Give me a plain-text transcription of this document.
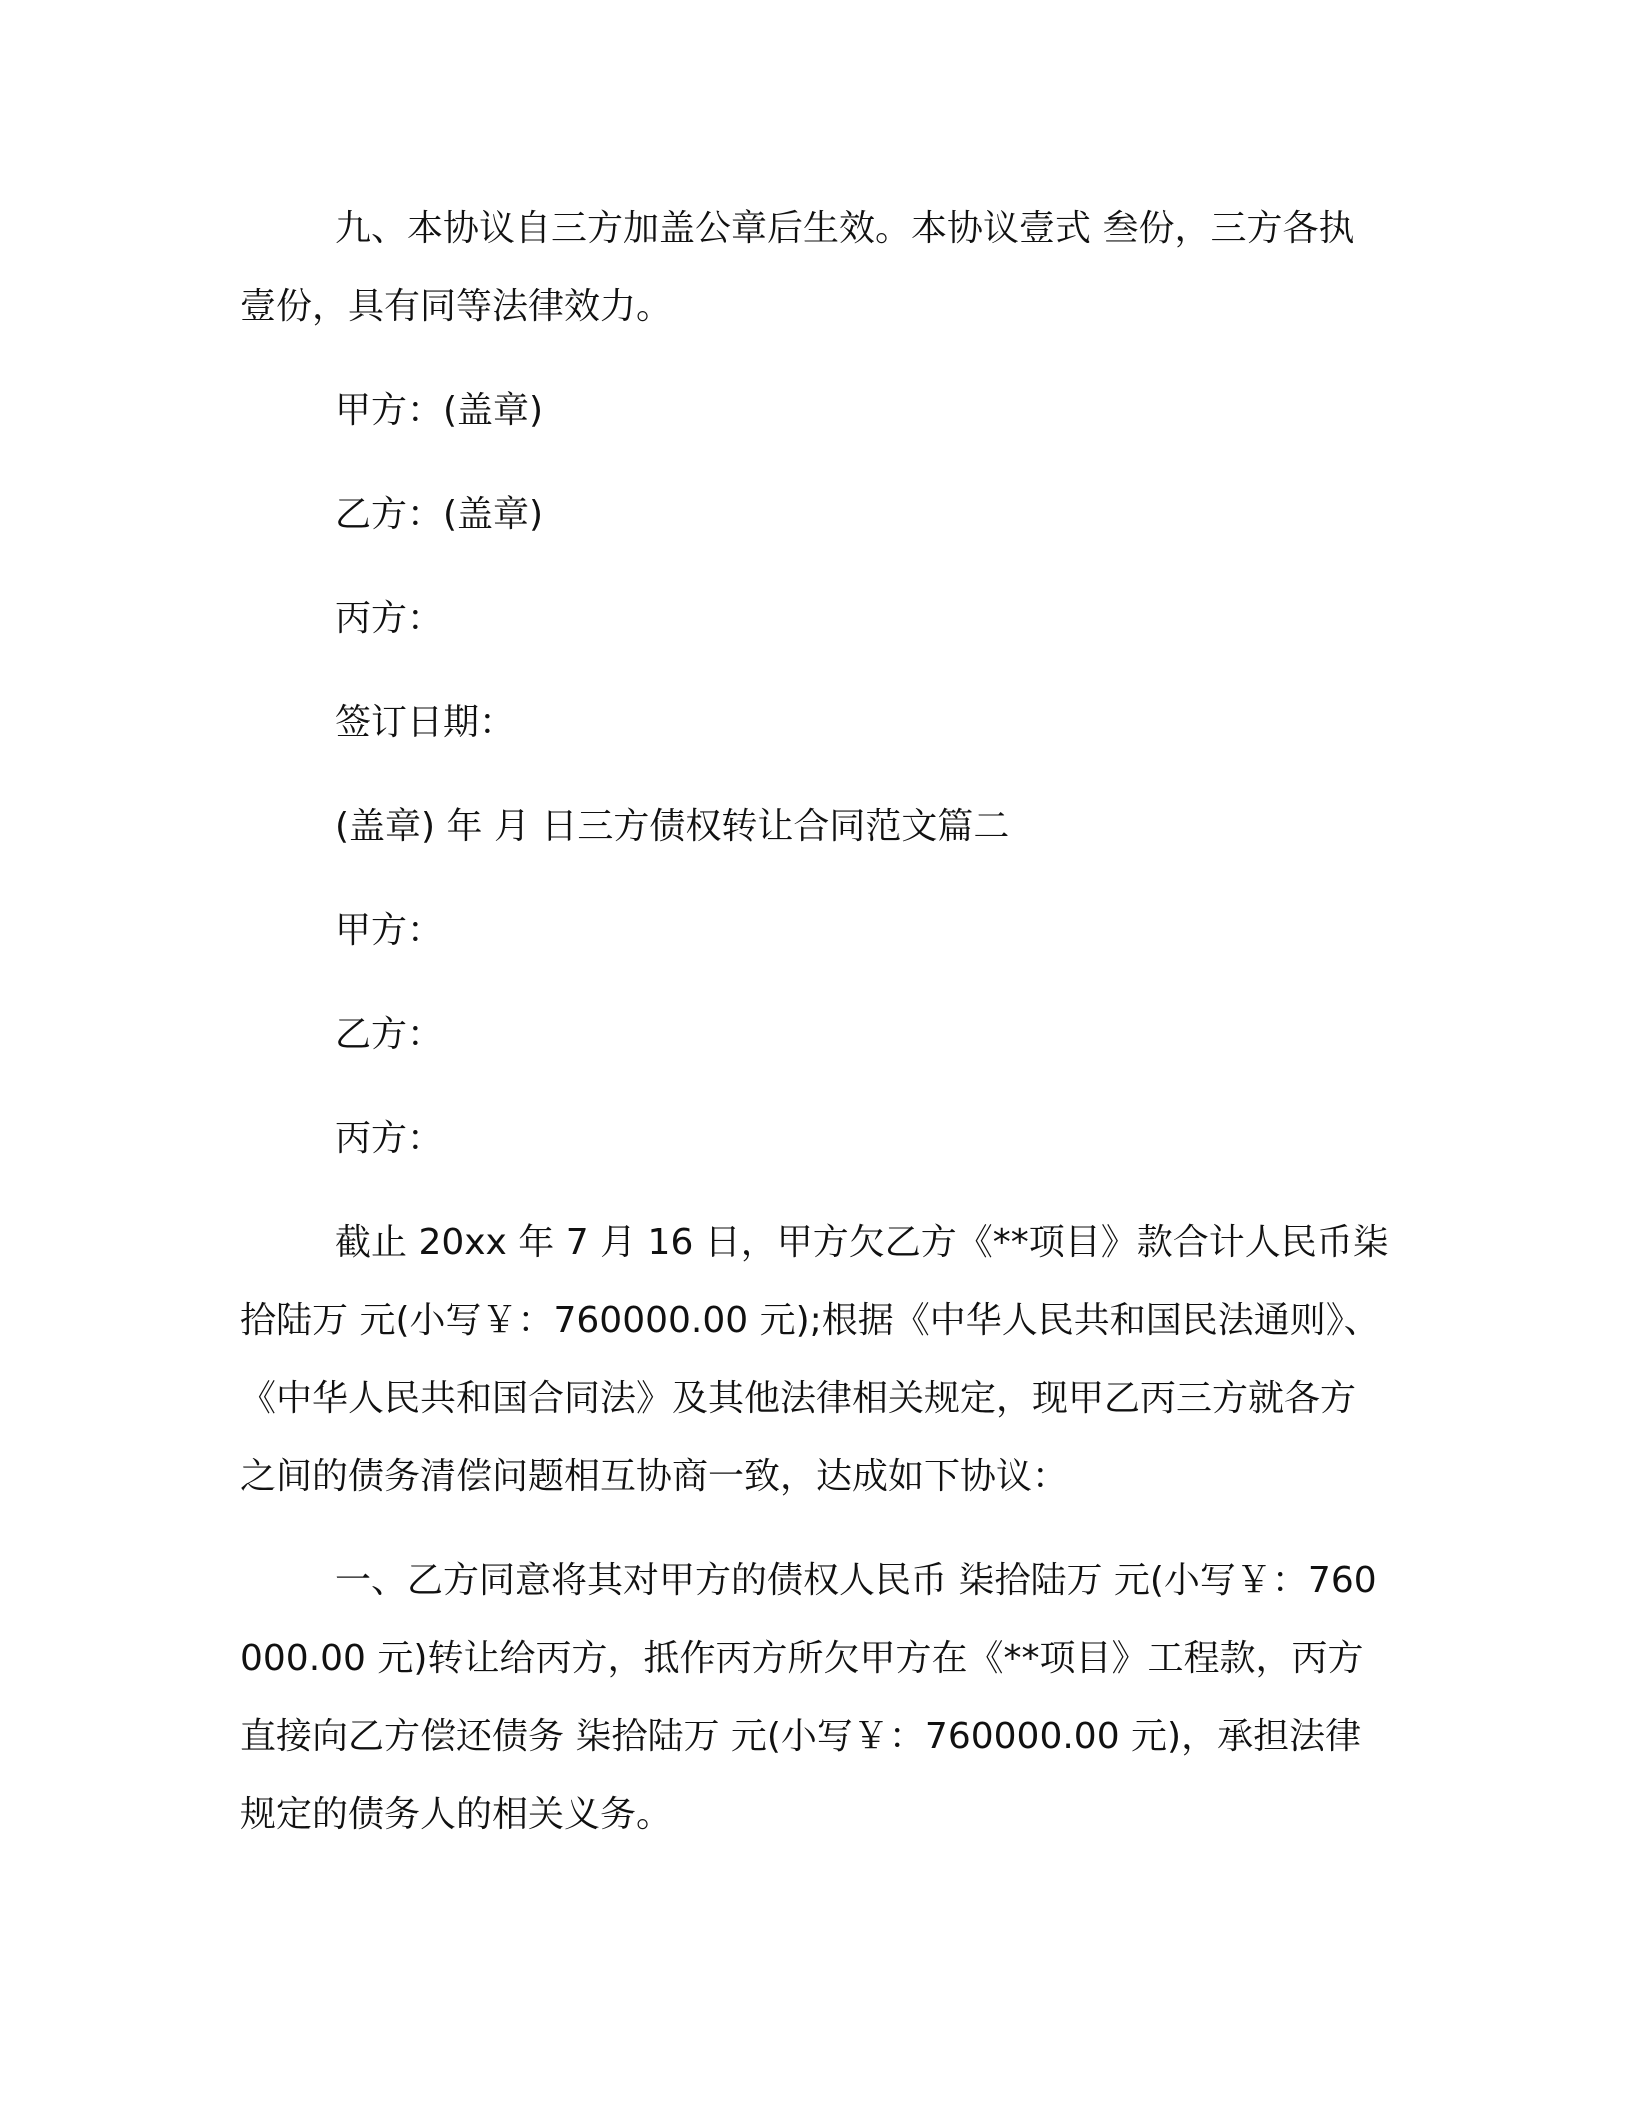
九、本协议自三方加盖公章后生效。本协议壹式 叁份，三方各执壹份，具有同等法律效力。

甲方：(盖章)

乙方：(盖章)

丙方：

签订日期：

(盖章) 年 月 日三方债权转让合同范文篇二

甲方：

乙方：

丙方：

截止 20xx 年 7 月 16 日，甲方欠乙方《**项目》款合计人民币柒拾陆万 元(小写￥：760000.00 元);根据《中华人民共和国民法通则》、《中华人民共和国合同法》及其他法律相关规定，现甲乙丙三方就各方之间的债务清偿问题相互协商一致，达成如下协议：

一、乙方同意将其对甲方的债权人民币 柒拾陆万 元(小写￥：760000.00 元)转让给丙方，抵作丙方所欠甲方在《**项目》工程款，丙方直接向乙方偿还债务 柒拾陆万 元(小写￥：760000.00 元)，承担法律规定的债务人的相关义务。
